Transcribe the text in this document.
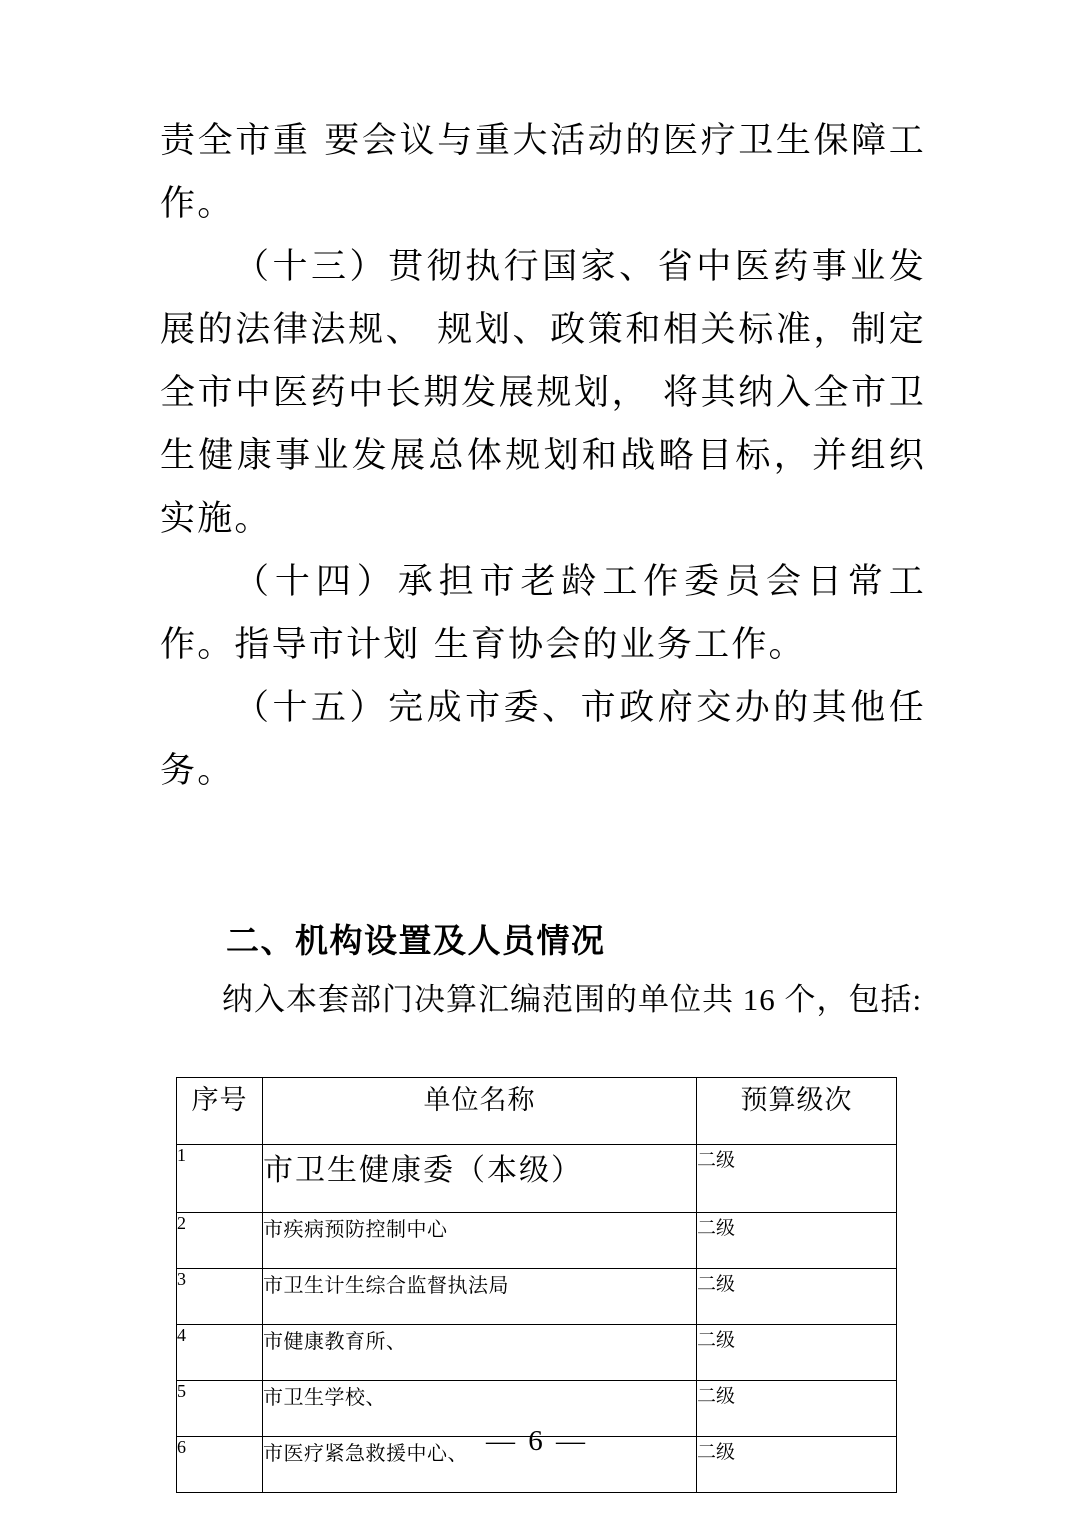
责全市重 要会议与重大活动的医疗卫生保障工作。

（十三）贯彻执行国家、省中医药事业发展的法律法规、 规划、政策和相关标准，制定全市中医药中长期发展规划， 将其纳入全市卫生健康事业发展总体规划和战略目标，并组织实施。

（十四）承担市老龄工作委员会日常工作。指导市计划 生育协会的业务工作。

（十五）完成市委、市政府交办的其他任务。

二、机构设置及人员情况

纳入本套部门决算汇编范围的单位共 16 个，包括:

序号	单位名称	预算级次
1	市卫生健康委（本级）	二级
2	市疾病预防控制中心	二级
3	市卫生计生综合监督执法局	二级
4	市健康教育所、	二级
5	市卫生学校、	二级
6	市医疗紧急救援中心、	二级
— 6 —
